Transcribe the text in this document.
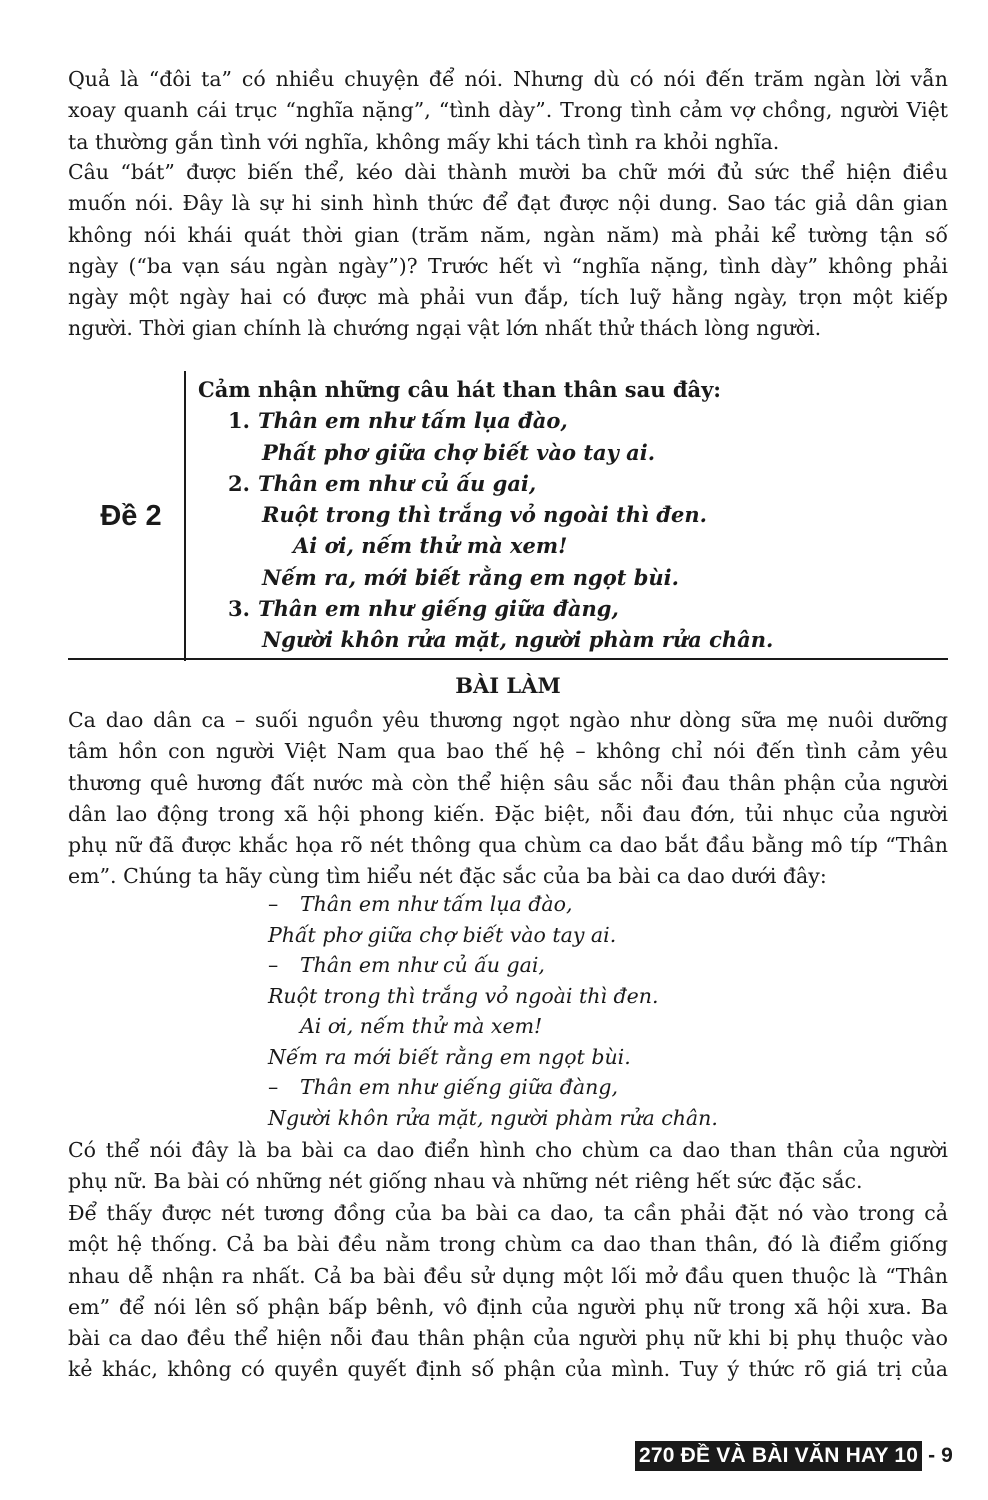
Quả là “đôi ta” có nhiều chuyện để nói. Nhưng dù có nói đến trăm ngàn lời vẫn
xoay quanh cái trục “nghĩa nặng”, “tình dày”. Trong tình cảm vợ chồng, người Việt
ta thường gắn tình với nghĩa, không mấy khi tách tình ra khỏi nghĩa.
Câu “bát” được biến thể, kéo dài thành mười ba chữ mới đủ sức thể hiện điều
muốn nói. Đây là sự hi sinh hình thức để đạt được nội dung. Sao tác giả dân gian
không nói khái quát thời gian (trăm năm, ngàn năm) mà phải kể tường tận số
ngày (“ba vạn sáu ngàn ngày”)? Trước hết vì “nghĩa nặng, tình dày” không phải
ngày một ngày hai có được mà phải vun đắp, tích luỹ hằng ngày, trọn một kiếp
người. Thời gian chính là chướng ngại vật lớn nhất thử thách lòng người.
Đề 2
Cảm nhận những câu hát than thân sau đây:
1. Thân em như tấm lụa đào,
Phất phơ giữa chợ biết vào tay ai.
2. Thân em như củ ấu gai,
Ruột trong thì trắng vỏ ngoài thì đen.
Ai ơi, nếm thử mà xem!
Nếm ra, mới biết rằng em ngọt bùi.
3. Thân em như giếng giữa đàng,
Người khôn rửa mặt, người phàm rửa chân.
BÀI LÀM
Ca dao dân ca – suối nguồn yêu thương ngọt ngào như dòng sữa mẹ nuôi dưỡng
tâm hồn con người Việt Nam qua bao thế hệ – không chỉ nói đến tình cảm yêu
thương quê hương đất nước mà còn thể hiện sâu sắc nỗi đau thân phận của người
dân lao động trong xã hội phong kiến. Đặc biệt, nỗi đau đớn, tủi nhục của người
phụ nữ đã được khắc họa rõ nét thông qua chùm ca dao bắt đầu bằng mô típ “Thân
em”. Chúng ta hãy cùng tìm hiểu nét đặc sắc của ba bài ca dao dưới đây:
– Thân em như tấm lụa đào,
Phất phơ giữa chợ biết vào tay ai.
– Thân em như củ ấu gai,
Ruột trong thì trắng vỏ ngoài thì đen.
Ai ơi, nếm thử mà xem!
Nếm ra mới biết rằng em ngọt bùi.
– Thân em như giếng giữa đàng,
Người khôn rửa mặt, người phàm rửa chân.
Có thể nói đây là ba bài ca dao điển hình cho chùm ca dao than thân của người
phụ nữ. Ba bài có những nét giống nhau và những nét riêng hết sức đặc sắc.
Để thấy được nét tương đồng của ba bài ca dao, ta cần phải đặt nó vào trong cả
một hệ thống. Cả ba bài đều nằm trong chùm ca dao than thân, đó là điểm giống
nhau dễ nhận ra nhất. Cả ba bài đều sử dụng một lối mở đầu quen thuộc là “Thân
em” để nói lên số phận bấp bênh, vô định của người phụ nữ trong xã hội xưa. Ba
bài ca dao đều thể hiện nỗi đau thân phận của người phụ nữ khi bị phụ thuộc vào
kẻ khác, không có quyền quyết định số phận của mình. Tuy ý thức rõ giá trị của
270 ĐỀ VÀ BÀI VĂN HAY 10 - 9
